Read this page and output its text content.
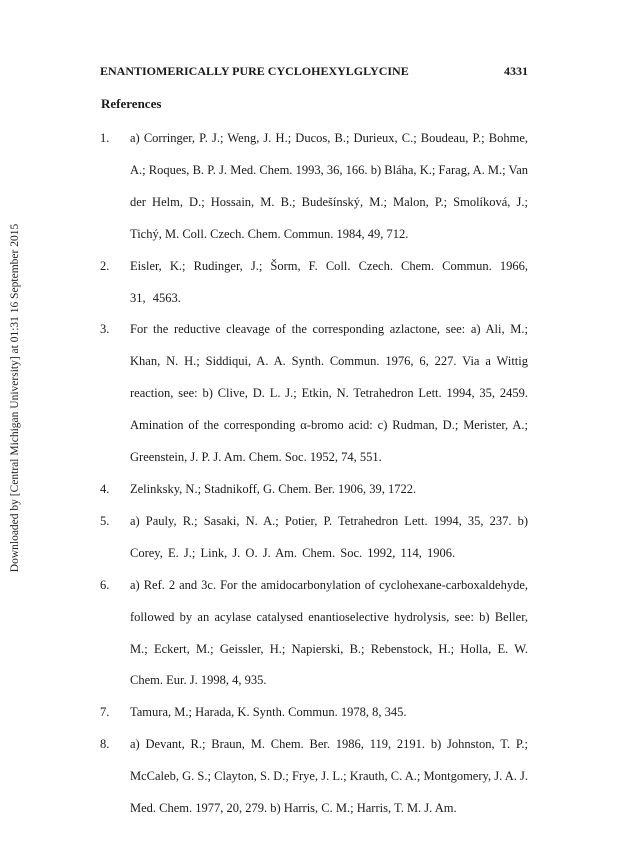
Downloaded by [Central Michigan University] at 01:31 16 September 2015
ENANTIOMERICALLY PURE CYCLOHEXYLGLYCINE	4331
References
1.	a) Corringer, P. J.; Weng, J. H.; Ducos, B.; Durieux, C.; Boudeau, P.; Bohme, A.; Roques, B. P. J. Med. Chem. 1993, 36, 166. b) Bláha, K.; Farag, A. M.; Van der Helm, D.; Hossain, M. B.; Budešínský, M.; Malon, P.; Smolíková, J.; Tichý, M. Coll. Czech. Chem. Commun. 1984, 49, 712.
2.	Eisler, K.; Rudinger, J.; Šorm, F. Coll. Czech. Chem. Commun. 1966, 31, 4563.
3.	For the reductive cleavage of the corresponding azlactone, see: a) Ali, M.; Khan, N. H.; Siddiqui, A. A. Synth. Commun. 1976, 6, 227. Via a Wittig reaction, see: b) Clive, D. L. J.; Etkin, N. Tetrahedron Lett. 1994, 35, 2459. Amination of the corresponding α-bromo acid: c) Rudman, D.; Merister, A.; Greenstein, J. P. J. Am. Chem. Soc. 1952, 74, 551.
4.	Zelinksky, N.; Stadnikoff, G. Chem. Ber. 1906, 39, 1722.
5.	a) Pauly, R.; Sasaki, N. A.; Potier, P. Tetrahedron Lett. 1994, 35, 237. b) Corey, E. J.; Link, J. O. J. Am. Chem. Soc. 1992, 114, 1906.
6.	a) Ref. 2 and 3c. For the amidocarbonylation of cyclohexane-carboxaldehyde, followed by an acylase catalysed enantioselective hydrolysis, see: b) Beller, M.; Eckert, M.; Geissler, H.; Napierski, B.; Rebenstock, H.; Holla, E. W. Chem. Eur. J. 1998, 4, 935.
7.	Tamura, M.; Harada, K. Synth. Commun. 1978, 8, 345.
8.	a) Devant, R.; Braun, M. Chem. Ber. 1986, 119, 2191. b) Johnston, T. P.; McCaleb, G. S.; Clayton, S. D.; Frye, J. L.; Krauth, C. A.; Montgomery, J. A. J. Med. Chem. 1977, 20, 279. b) Harris, C. M.; Harris, T. M. J. Am.
